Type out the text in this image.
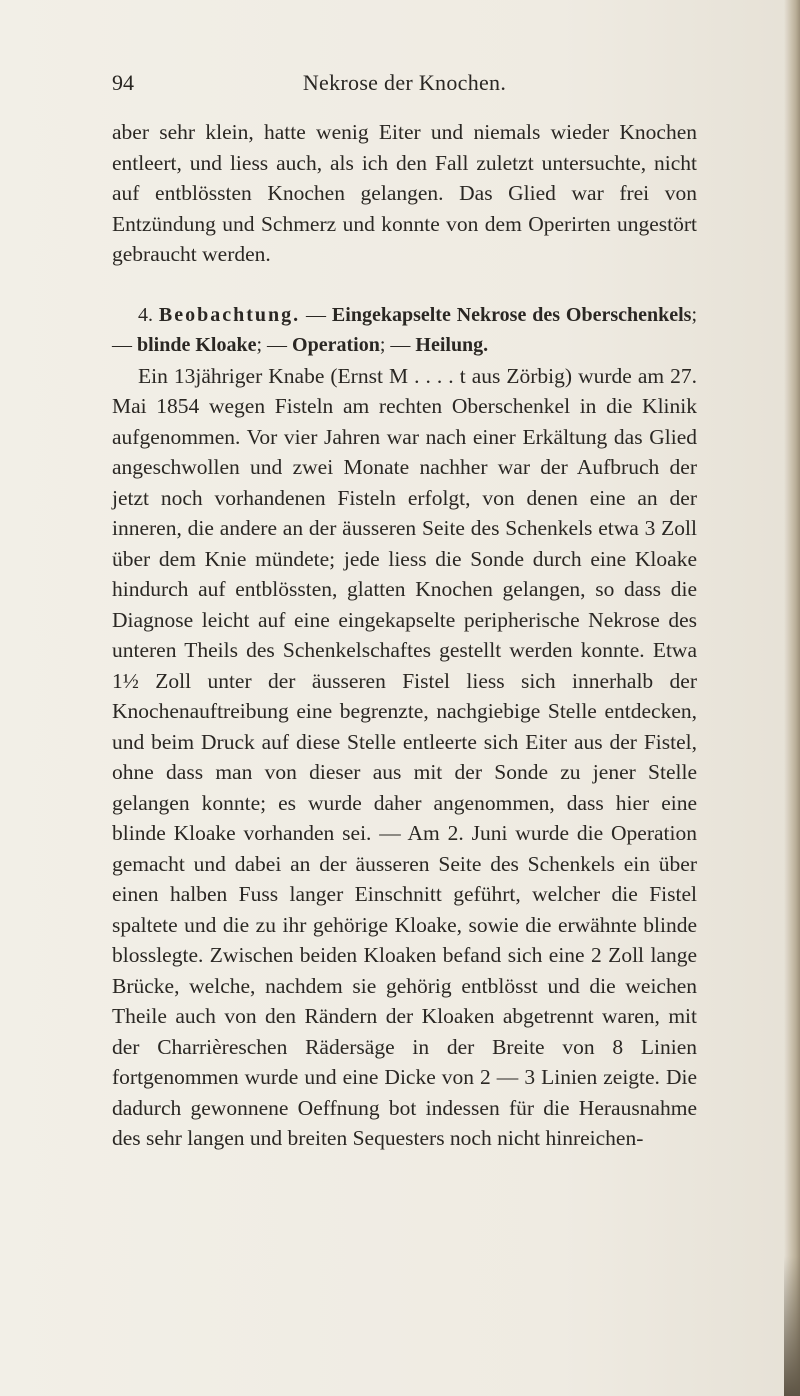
94	Nekrose der Knochen.

aber sehr klein, hatte wenig Eiter und niemals wieder Knochen entleert, und liess auch, als ich den Fall zuletzt untersuchte, nicht auf entblössten Knochen gelangen. Das Glied war frei von Entzündung und Schmerz und konnte von dem Operirten ungestört gebraucht werden.

4. Beobachtung. — Eingekapselte Nekrose des Oberschenkels; — blinde Kloake; — Operation; — Heilung.

Ein 13jähriger Knabe (Ernst M . . . . t aus Zörbig) wurde am 27. Mai 1854 wegen Fisteln am rechten Oberschenkel in die Klinik aufgenommen. Vor vier Jahren war nach einer Erkältung das Glied angeschwollen und zwei Monate nachher war der Aufbruch der jetzt noch vorhandenen Fisteln erfolgt, von denen eine an der inneren, die andere an der äusseren Seite des Schenkels etwa 3 Zoll über dem Knie mündete; jede liess die Sonde durch eine Kloake hindurch auf entblössten, glatten Knochen gelangen, so dass die Diagnose leicht auf eine eingekapselte peripherische Nekrose des unteren Theils des Schenkelschaftes gestellt werden konnte. Etwa 1½ Zoll unter der äusseren Fistel liess sich innerhalb der Knochenauftreibung eine begrenzte, nachgiebige Stelle entdecken, und beim Druck auf diese Stelle entleerte sich Eiter aus der Fistel, ohne dass man von dieser aus mit der Sonde zu jener Stelle gelangen konnte; es wurde daher angenommen, dass hier eine blinde Kloake vorhanden sei. — Am 2. Juni wurde die Operation gemacht und dabei an der äusseren Seite des Schenkels ein über einen halben Fuss langer Einschnitt geführt, welcher die Fistel spaltete und die zu ihr gehörige Kloake, sowie die erwähnte blinde blosslegte. Zwischen beiden Kloaken befand sich eine 2 Zoll lange Brücke, welche, nachdem sie gehörig entblösst und die weichen Theile auch von den Rändern der Kloaken abgetrennt waren, mit der Charrièreschen Rädersäge in der Breite von 8 Linien fortgenommen wurde und eine Dicke von 2 — 3 Linien zeigte. Die dadurch gewonnene Oeffnung bot indessen für die Herausnahme des sehr langen und breiten Sequesters noch nicht hinreichen-
